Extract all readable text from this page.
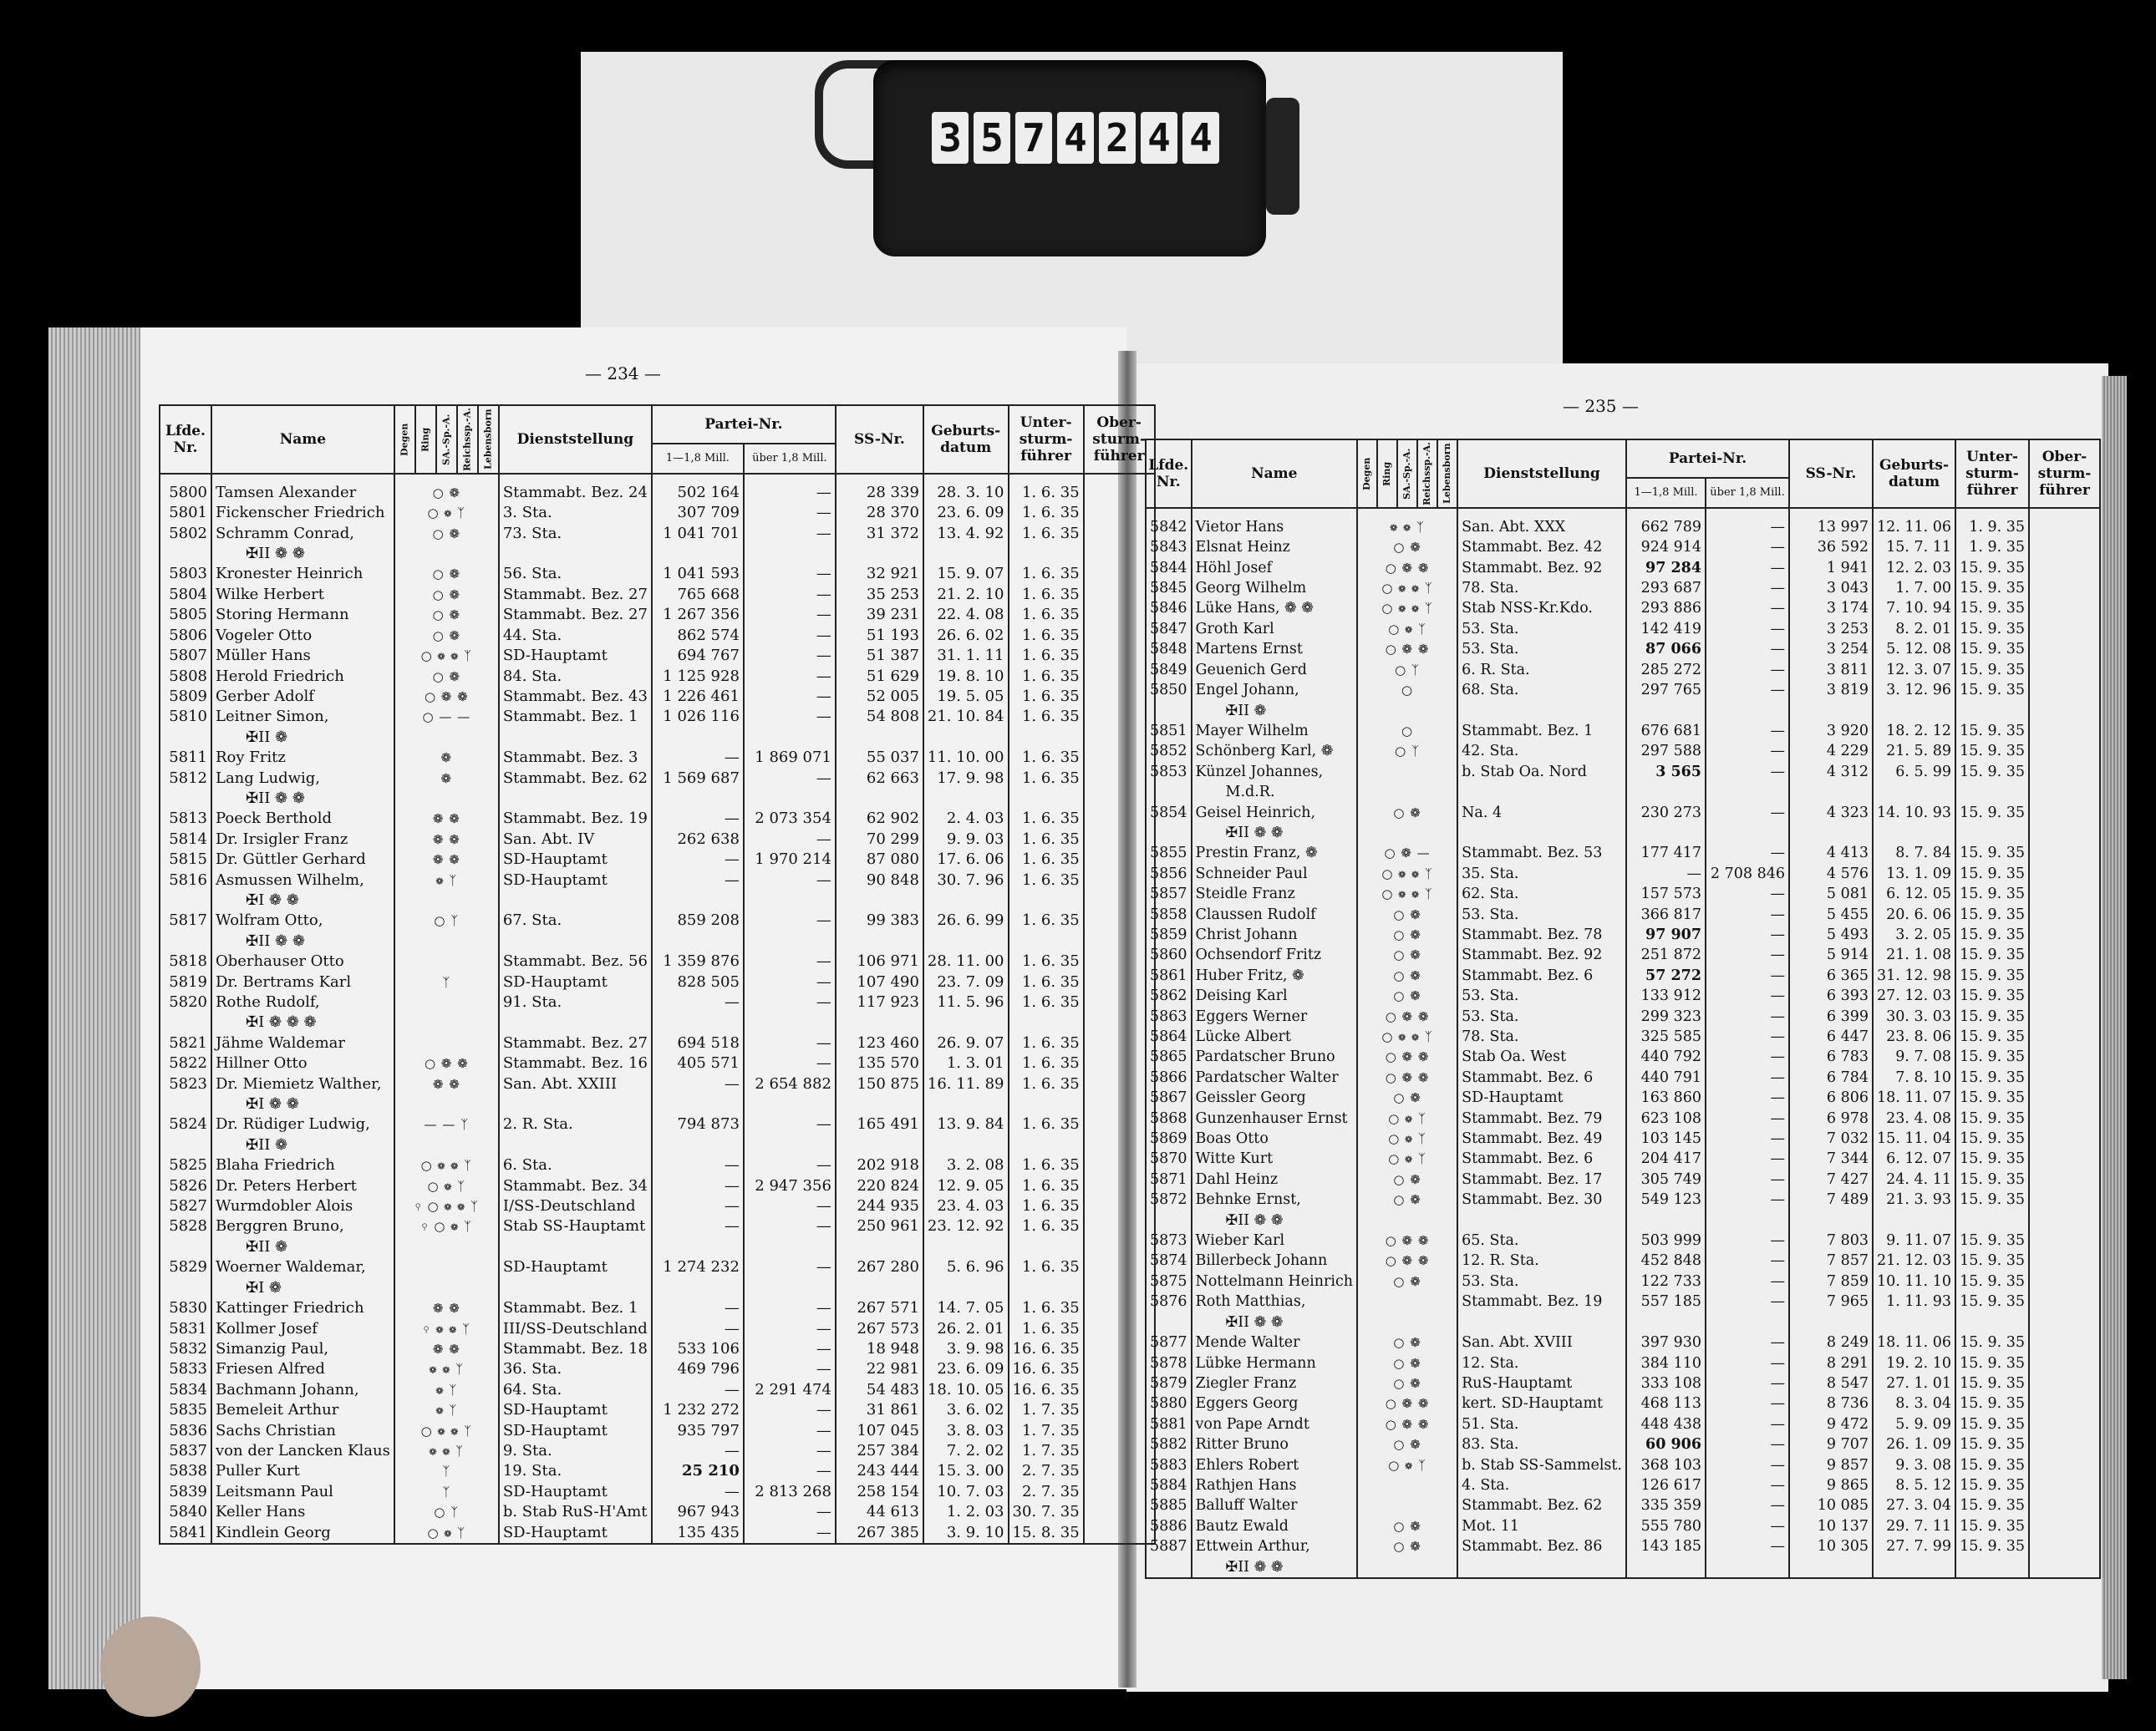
3 5 7 4 2 4 4
— 234 —
— 235 —
Lfde. Nr.	Name	Degen	Ring	SA.-Sp.-A.	Reichssp.-A.	Lebensborn	Dienststellung	Partei-Nr.		SS-Nr.	Geburts-datum	Unter-sturm-führer	Ober-sturm-führer
								1—1,8 Mill.	über 1,8 Mill.				
5800	Tamsen Alexander	○ ❁					Stammabt. Bez. 24	502 164	—	28 339	28. 3. 10	1. 6. 35	
5801	Fickenscher Friedrich	○ ❁ ᛉ					3. Sta.	307 709	—	28 370	23. 6. 09	1. 6. 35	
5802	Schramm Conrad,	○ ❁					73. Sta.	1 041 701	—	31 372	13. 4. 92	1. 6. 35	
	✠II ❁ ❁												
5803	Kronester Heinrich	○ ❁					56. Sta.	1 041 593	—	32 921	15. 9. 07	1. 6. 35	
5804	Wilke Herbert	○ ❁					Stammabt. Bez. 27	765 668	—	35 253	21. 2. 10	1. 6. 35	
5805	Storing Hermann	○ ❁					Stammabt. Bez. 27	1 267 356	—	39 231	22. 4. 08	1. 6. 35	
5806	Vogeler Otto	○ ❁					44. Sta.	862 574	—	51 193	26. 6. 02	1. 6. 35	
5807	Müller Hans	○ ❁ ❁ ᛉ					SD-Hauptamt	694 767	—	51 387	31. 1. 11	1. 6. 35	
5808	Herold Friedrich	○ ❁					84. Sta.	1 125 928	—	51 629	19. 8. 10	1. 6. 35	
5809	Gerber Adolf	○ ❁ ❁					Stammabt. Bez. 43	1 226 461	—	52 005	19. 5. 05	1. 6. 35	
5810	Leitner Simon,	○ — —					Stammabt. Bez. 1	1 026 116	—	54 808	21. 10. 84	1. 6. 35	
	✠II ❁												
5811	Roy Fritz	❁					Stammabt. Bez. 3	—	1 869 071	55 037	11. 10. 00	1. 6. 35	
5812	Lang Ludwig,	❁					Stammabt. Bez. 62	1 569 687	—	62 663	17. 9. 98	1. 6. 35	
	✠II ❁ ❁												
5813	Poeck Berthold	❁ ❁					Stammabt. Bez. 19	—	2 073 354	62 902	2. 4. 03	1. 6. 35	
5814	Dr. Irsigler Franz	❁ ❁					San. Abt. IV	262 638	—	70 299	9. 9. 03	1. 6. 35	
5815	Dr. Güttler Gerhard	❁ ❁					SD-Hauptamt	—	1 970 214	87 080	17. 6. 06	1. 6. 35	
5816	Asmussen Wilhelm,	❁ ᛉ					SD-Hauptamt	—	—	90 848	30. 7. 96	1. 6. 35	
	✠I ❁ ❁												
5817	Wolfram Otto,	○ ᛉ					67. Sta.	859 208	—	99 383	26. 6. 99	1. 6. 35	
	✠II ❁ ❁												
5818	Oberhauser Otto						Stammabt. Bez. 56	1 359 876	—	106 971	28. 11. 00	1. 6. 35	
5819	Dr. Bertrams Karl	ᛉ					SD-Hauptamt	828 505	—	107 490	23. 7. 09	1. 6. 35	
5820	Rothe Rudolf,						91. Sta.	—	—	117 923	11. 5. 96	1. 6. 35	
	✠I ❁ ❁ ❁												
5821	Jähme Waldemar						Stammabt. Bez. 27	694 518	—	123 460	26. 9. 07	1. 6. 35	
5822	Hillner Otto	○ ❁ ❁					Stammabt. Bez. 16	405 571	—	135 570	1. 3. 01	1. 6. 35	
5823	Dr. Miemietz Walther,	❁ ❁					San. Abt. XXIII	—	2 654 882	150 875	16. 11. 89	1. 6. 35	
	✠I ❁ ❁												
5824	Dr. Rüdiger Ludwig,	— — ᛉ					2. R. Sta.	794 873	—	165 491	13. 9. 84	1. 6. 35	
	✠II ❁												
5825	Blaha Friedrich	○ ❁ ❁ ᛉ					6. Sta.	—	—	202 918	3. 2. 08	1. 6. 35	
5826	Dr. Peters Herbert	○ ❁ ᛉ					Stammabt. Bez. 34	—	2 947 356	220 824	12. 9. 05	1. 6. 35	
5827	Wurmdobler Alois	⚲ ○ ❁ ❁ ᛉ					I/SS-Deutschland	—	—	244 935	23. 4. 03	1. 6. 35	
5828	Berggren Bruno,	⚲ ○ ❁ ᛉ					Stab SS-Hauptamt	—	—	250 961	23. 12. 92	1. 6. 35	
	✠II ❁												
5829	Woerner Waldemar,						SD-Hauptamt	1 274 232	—	267 280	5. 6. 96	1. 6. 35	
	✠I ❁												
5830	Kattinger Friedrich	❁ ❁					Stammabt. Bez. 1	—	—	267 571	14. 7. 05	1. 6. 35	
5831	Kollmer Josef	⚲ ❁ ❁ ᛉ					III/SS-Deutschland	—	—	267 573	26. 2. 01	1. 6. 35	
5832	Simanzig Paul,	❁ ❁					Stammabt. Bez. 18	533 106	—	18 948	3. 9. 98	16. 6. 35	
5833	Friesen Alfred	❁ ❁ ᛉ					36. Sta.	469 796	—	22 981	23. 6. 09	16. 6. 35	
5834	Bachmann Johann,	❁ ᛉ					64. Sta.	—	2 291 474	54 483	18. 10. 05	16. 6. 35	
5835	Bemeleit Arthur	❁ ᛉ					SD-Hauptamt	1 232 272	—	31 861	3. 6. 02	1. 7. 35	
5836	Sachs Christian	○ ❁ ❁ ᛉ					SD-Hauptamt	935 797	—	107 045	3. 8. 03	1. 7. 35	
5837	von der Lancken Klaus	❁ ❁ ᛉ					9. Sta.	—	—	257 384	7. 2. 02	1. 7. 35	
5838	Puller Kurt	ᛉ					19. Sta.	25 210	—	243 444	15. 3. 00	2. 7. 35	
5839	Leitsmann Paul	ᛉ					SD-Hauptamt	—	2 813 268	258 154	10. 7. 03	2. 7. 35	
5840	Keller Hans	○ ᛉ					b. Stab RuS-H'Amt	967 943	—	44 613	1. 2. 03	30. 7. 35	
5841	Kindlein Georg	○ ❁ ᛉ					SD-Hauptamt	135 435	—	267 385	3. 9. 10	15. 8. 35	
Lfde. Nr.	Name	Degen	Ring	SA.-Sp.-A.	Reichssp.-A.	Lebensborn	Dienststellung	Partei-Nr.		SS-Nr.	Geburts-datum	Unter-sturm-führer	Ober-sturm-führer
								1—1,8 Mill.	über 1,8 Mill.				
5842	Vietor Hans	❁ ❁ ᛉ					San. Abt. XXX	662 789	—	13 997	12. 11. 06	1. 9. 35	
5843	Elsnat Heinz	○ ❁					Stammabt. Bez. 42	924 914	—	36 592	15. 7. 11	1. 9. 35	
5844	Höhl Josef	○ ❁ ❁					Stammabt. Bez. 92	97 284	—	1 941	12. 2. 03	15. 9. 35	
5845	Georg Wilhelm	○ ❁ ❁ ᛉ					78. Sta.	293 687	—	3 043	1. 7. 00	15. 9. 35	
5846	Lüke Hans, ❁ ❁	○ ❁ ❁ ᛉ					Stab NSS-Kr.Kdo.	293 886	—	3 174	7. 10. 94	15. 9. 35	
5847	Groth Karl	○ ❁ ᛉ					53. Sta.	142 419	—	3 253	8. 2. 01	15. 9. 35	
5848	Martens Ernst	○ ❁ ❁					53. Sta.	87 066	—	3 254	5. 12. 08	15. 9. 35	
5849	Geuenich Gerd	○ ᛉ					6. R. Sta.	285 272	—	3 811	12. 3. 07	15. 9. 35	
5850	Engel Johann,	○					68. Sta.	297 765	—	3 819	3. 12. 96	15. 9. 35	
	✠II ❁												
5851	Mayer Wilhelm	○					Stammabt. Bez. 1	676 681	—	3 920	18. 2. 12	15. 9. 35	
5852	Schönberg Karl, ❁	○ ᛉ					42. Sta.	297 588	—	4 229	21. 5. 89	15. 9. 35	
5853	Künzel Johannes,						b. Stab Oa. Nord	3 565	—	4 312	6. 5. 99	15. 9. 35	
	M.d.R.												
5854	Geisel Heinrich,	○ ❁					Na. 4	230 273	—	4 323	14. 10. 93	15. 9. 35	
	✠II ❁ ❁												
5855	Prestin Franz, ❁	○ ❁ —					Stammabt. Bez. 53	177 417	—	4 413	8. 7. 84	15. 9. 35	
5856	Schneider Paul	○ ❁ ❁ ᛉ					35. Sta.	—	2 708 846	4 576	13. 1. 09	15. 9. 35	
5857	Steidle Franz	○ ❁ ❁ ᛉ					62. Sta.	157 573	—	5 081	6. 12. 05	15. 9. 35	
5858	Claussen Rudolf	○ ❁					53. Sta.	366 817	—	5 455	20. 6. 06	15. 9. 35	
5859	Christ Johann	○ ❁					Stammabt. Bez. 78	97 907	—	5 493	3. 2. 05	15. 9. 35	
5860	Ochsendorf Fritz	○ ❁					Stammabt. Bez. 92	251 872	—	5 914	21. 1. 08	15. 9. 35	
5861	Huber Fritz, ❁	○ ❁					Stammabt. Bez. 6	57 272	—	6 365	31. 12. 98	15. 9. 35	
5862	Deising Karl	○ ❁					53. Sta.	133 912	—	6 393	27. 12. 03	15. 9. 35	
5863	Eggers Werner	○ ❁ ❁					53. Sta.	299 323	—	6 399	30. 3. 03	15. 9. 35	
5864	Lücke Albert	○ ❁ ❁ ᛉ					78. Sta.	325 585	—	6 447	23. 8. 06	15. 9. 35	
5865	Pardatscher Bruno	○ ❁ ❁					Stab Oa. West	440 792	—	6 783	9. 7. 08	15. 9. 35	
5866	Pardatscher Walter	○ ❁ ❁					Stammabt. Bez. 6	440 791	—	6 784	7. 8. 10	15. 9. 35	
5867	Geissler Georg	○ ❁					SD-Hauptamt	163 860	—	6 806	18. 11. 07	15. 9. 35	
5868	Gunzenhauser Ernst	○ ❁ ᛉ					Stammabt. Bez. 79	623 108	—	6 978	23. 4. 08	15. 9. 35	
5869	Boas Otto	○ ❁ ᛉ					Stammabt. Bez. 49	103 145	—	7 032	15. 11. 04	15. 9. 35	
5870	Witte Kurt	○ ❁ ᛉ					Stammabt. Bez. 6	204 417	—	7 344	6. 12. 07	15. 9. 35	
5871	Dahl Heinz	○ ❁					Stammabt. Bez. 17	305 749	—	7 427	24. 4. 11	15. 9. 35	
5872	Behnke Ernst,	○ ❁					Stammabt. Bez. 30	549 123	—	7 489	21. 3. 93	15. 9. 35	
	✠II ❁ ❁												
5873	Wieber Karl	○ ❁ ❁					65. Sta.	503 999	—	7 803	9. 11. 07	15. 9. 35	
5874	Billerbeck Johann	○ ❁ ❁					12. R. Sta.	452 848	—	7 857	21. 12. 03	15. 9. 35	
5875	Nottelmann Heinrich	○ ❁					53. Sta.	122 733	—	7 859	10. 11. 10	15. 9. 35	
5876	Roth Matthias,						Stammabt. Bez. 19	557 185	—	7 965	1. 11. 93	15. 9. 35	
	✠II ❁ ❁												
5877	Mende Walter	○ ❁					San. Abt. XVIII	397 930	—	8 249	18. 11. 06	15. 9. 35	
5878	Lübke Hermann	○ ❁					12. Sta.	384 110	—	8 291	19. 2. 10	15. 9. 35	
5879	Ziegler Franz	○ ❁					RuS-Hauptamt	333 108	—	8 547	27. 1. 01	15. 9. 35	
5880	Eggers Georg	○ ❁ ❁					kert. SD-Hauptamt	468 113	—	8 736	8. 3. 04	15. 9. 35	
5881	von Pape Arndt	○ ❁ ❁					51. Sta.	448 438	—	9 472	5. 9. 09	15. 9. 35	
5882	Ritter Bruno	○ ❁					83. Sta.	60 906	—	9 707	26. 1. 09	15. 9. 35	
5883	Ehlers Robert	○ ❁ ᛉ					b. Stab SS-Sammelst.	368 103	—	9 857	9. 3. 08	15. 9. 35	
5884	Rathjen Hans						4. Sta.	126 617	—	9 865	8. 5. 12	15. 9. 35	
5885	Balluff Walter						Stammabt. Bez. 62	335 359	—	10 085	27. 3. 04	15. 9. 35	
5886	Bautz Ewald	○ ❁					Mot. 11	555 780	—	10 137	29. 7. 11	15. 9. 35	
5887	Ettwein Arthur,	○ ❁					Stammabt. Bez. 86	143 185	—	10 305	27. 7. 99	15. 9. 35	
	✠II ❁ ❁												
